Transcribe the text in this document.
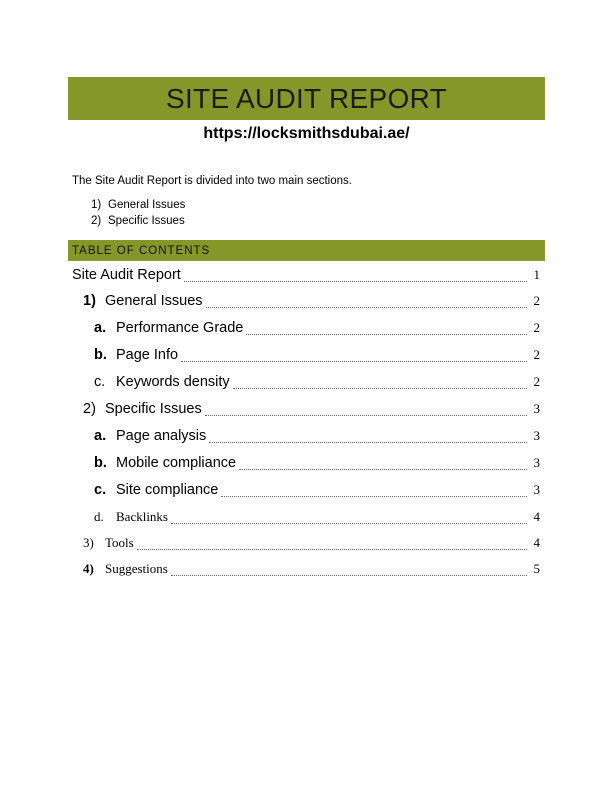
SITE AUDIT REPORT
https://locksmithsdubai.ae/
The Site Audit Report is divided into two main sections.
1) General Issues
2) Specific Issues
TABLE OF CONTENTS
Site Audit Report	1
1) General Issues	2
a. Performance Grade	2
b. Page Info	2
c. Keywords density	2
2) Specific Issues	3
a. Page analysis	3
b. Mobile compliance	3
c. Site compliance	3
d. Backlinks	4
3) Tools	4
4) Suggestions	5
